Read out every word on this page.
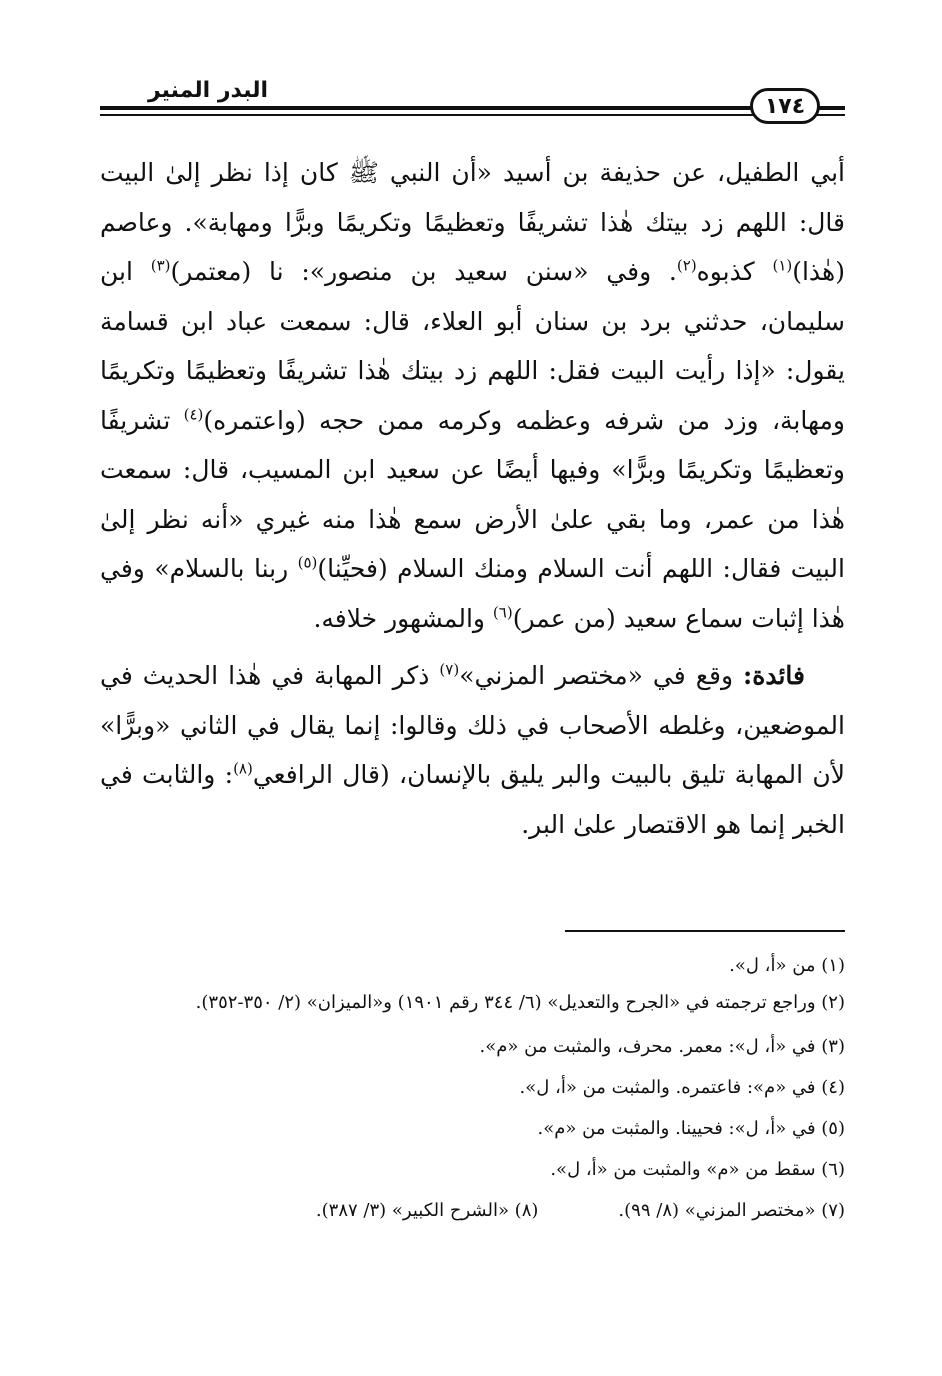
١٧٤
البدر المنير

أبي الطفيل، عن حذيفة بن أسيد «أن النبي ﷺ كان إذا نظر إلىٰ البيت قال: اللهم زد بيتك هٰذا تشريفًا وتعظيمًا وتكريمًا وبرًّا ومهابة». وعاصم (هٰذا)$^{(١)}$ كذبوه$^{(٢)}$. وفي «سنن سعيد بن منصور»: نا (معتمر)$^{(٣)}$ ابن سليمان، حدثني برد بن سنان أبو العلاء، قال: سمعت عباد ابن قسامة يقول: «إذا رأيت البيت فقل: اللهم زد بيتك هٰذا تشريفًا وتعظيمًا وتكريمًا ومهابة، وزد من شرفه وعظمه وكرمه ممن حجه (واعتمره)$^{(٤)}$ تشريفًا وتعظيمًا وتكريمًا وبرًّا» وفيها أيضًا عن سعيد ابن المسيب، قال: سمعت هٰذا من عمر، وما بقي علىٰ الأرض سمع هٰذا منه غيري «أنه نظر إلىٰ البيت فقال: اللهم أنت السلام ومنك السلام (فحيِّنا)$^{(٥)}$ ربنا بالسلام» وفي هٰذا إثبات سماع سعيد (من عمر)$^{(٦)}$ والمشهور خلافه.

فائدة: وقع في «مختصر المزني»$^{(٧)}$ ذكر المهابة في هٰذا الحديث في الموضعين، وغلطه الأصحاب في ذلك وقالوا: إنما يقال في الثاني «وبرًّا» لأن المهابة تليق بالبيت والبر يليق بالإنسان، (قال الرافعي$^{(٨)}$: والثابت في الخبر إنما هو الاقتصار علىٰ البر.

(١) من «أ، ل».
(٢) وراجع ترجمته في «الجرح والتعديل» (٦/ ٣٤٤ رقم ١٩٠١) و«الميزان» (٢/ ٣٥٠-٣٥٢).
(٣) في «أ، ل»: معمر. محرف، والمثبت من «م».
(٤) في «م»: فاعتمره. والمثبت من «أ، ل».
(٥) في «أ، ل»: فحيينا. والمثبت من «م».
(٦) سقط من «م» والمثبت من «أ، ل».
(٧) «مختصر المزني» (٨/ ٩٩).
(٨) «الشرح الكبير» (٣/ ٣٨٧).
